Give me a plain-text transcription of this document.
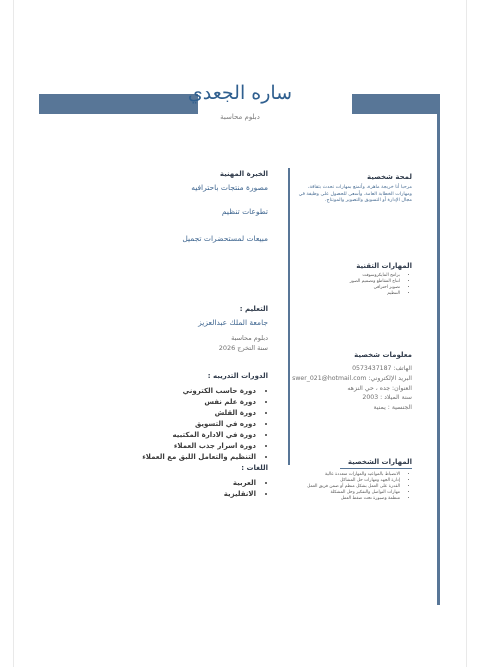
ساره الجعدي
دبلوم محاسبة
الخبرة المهنية
مصورة منتجات باحترافيه
تطوعات تنظيم
مبيعات لمستحضرات تجميل
التعليم :
جامعة الملك عبدالعزيز
دبلوم محاسبة
سنة التخرج 2026
الدورات التدريبه :
• دورة حاسب الكتروني
• دورة علم نفس
• دورة القلش
• دوره في التسويق
• دورة في الادارة المكتبيه
• دورة اسرار جذب العملاء
• التنظيم والتعامل اللبق مع العملاء
اللغات :
• العربية
• الانقليزية
لمحة شخصية
مرحبا أنا خريجة ماهرة، وأتمتع بمهارات تحدث بثقافة، ومهارات الخطابة العامة. وأسعى للحصول على وظيفة في مجال الإدارة أو التسويق والتصوير والمونتاج.
المهارات التقنية
• برامج المايكروسوفت
• انتاج المقاطع وتصميم الصور
• تصوير احترافي
• التنظيم
معلومات شخصية
الهاتف: 0573437187
البريد الإلكتروني: swer_021@hotmail.com
العنوان: جده ، حي النزهه
سنة الميلاد : 2003
الجنسية : يمنية
المهارات الشخصية
• الانضباط بالمواعيد والمهارات متعددة عالية
• إدارة الجهد ومهارات حل المشاكل
• القدرة على العمل بشكل منظم أو ضمن فريق العمل
• مهارات التواصل والتفكير وحل المشكلة
• منظمة وصبورة تحت ضغط العمل
